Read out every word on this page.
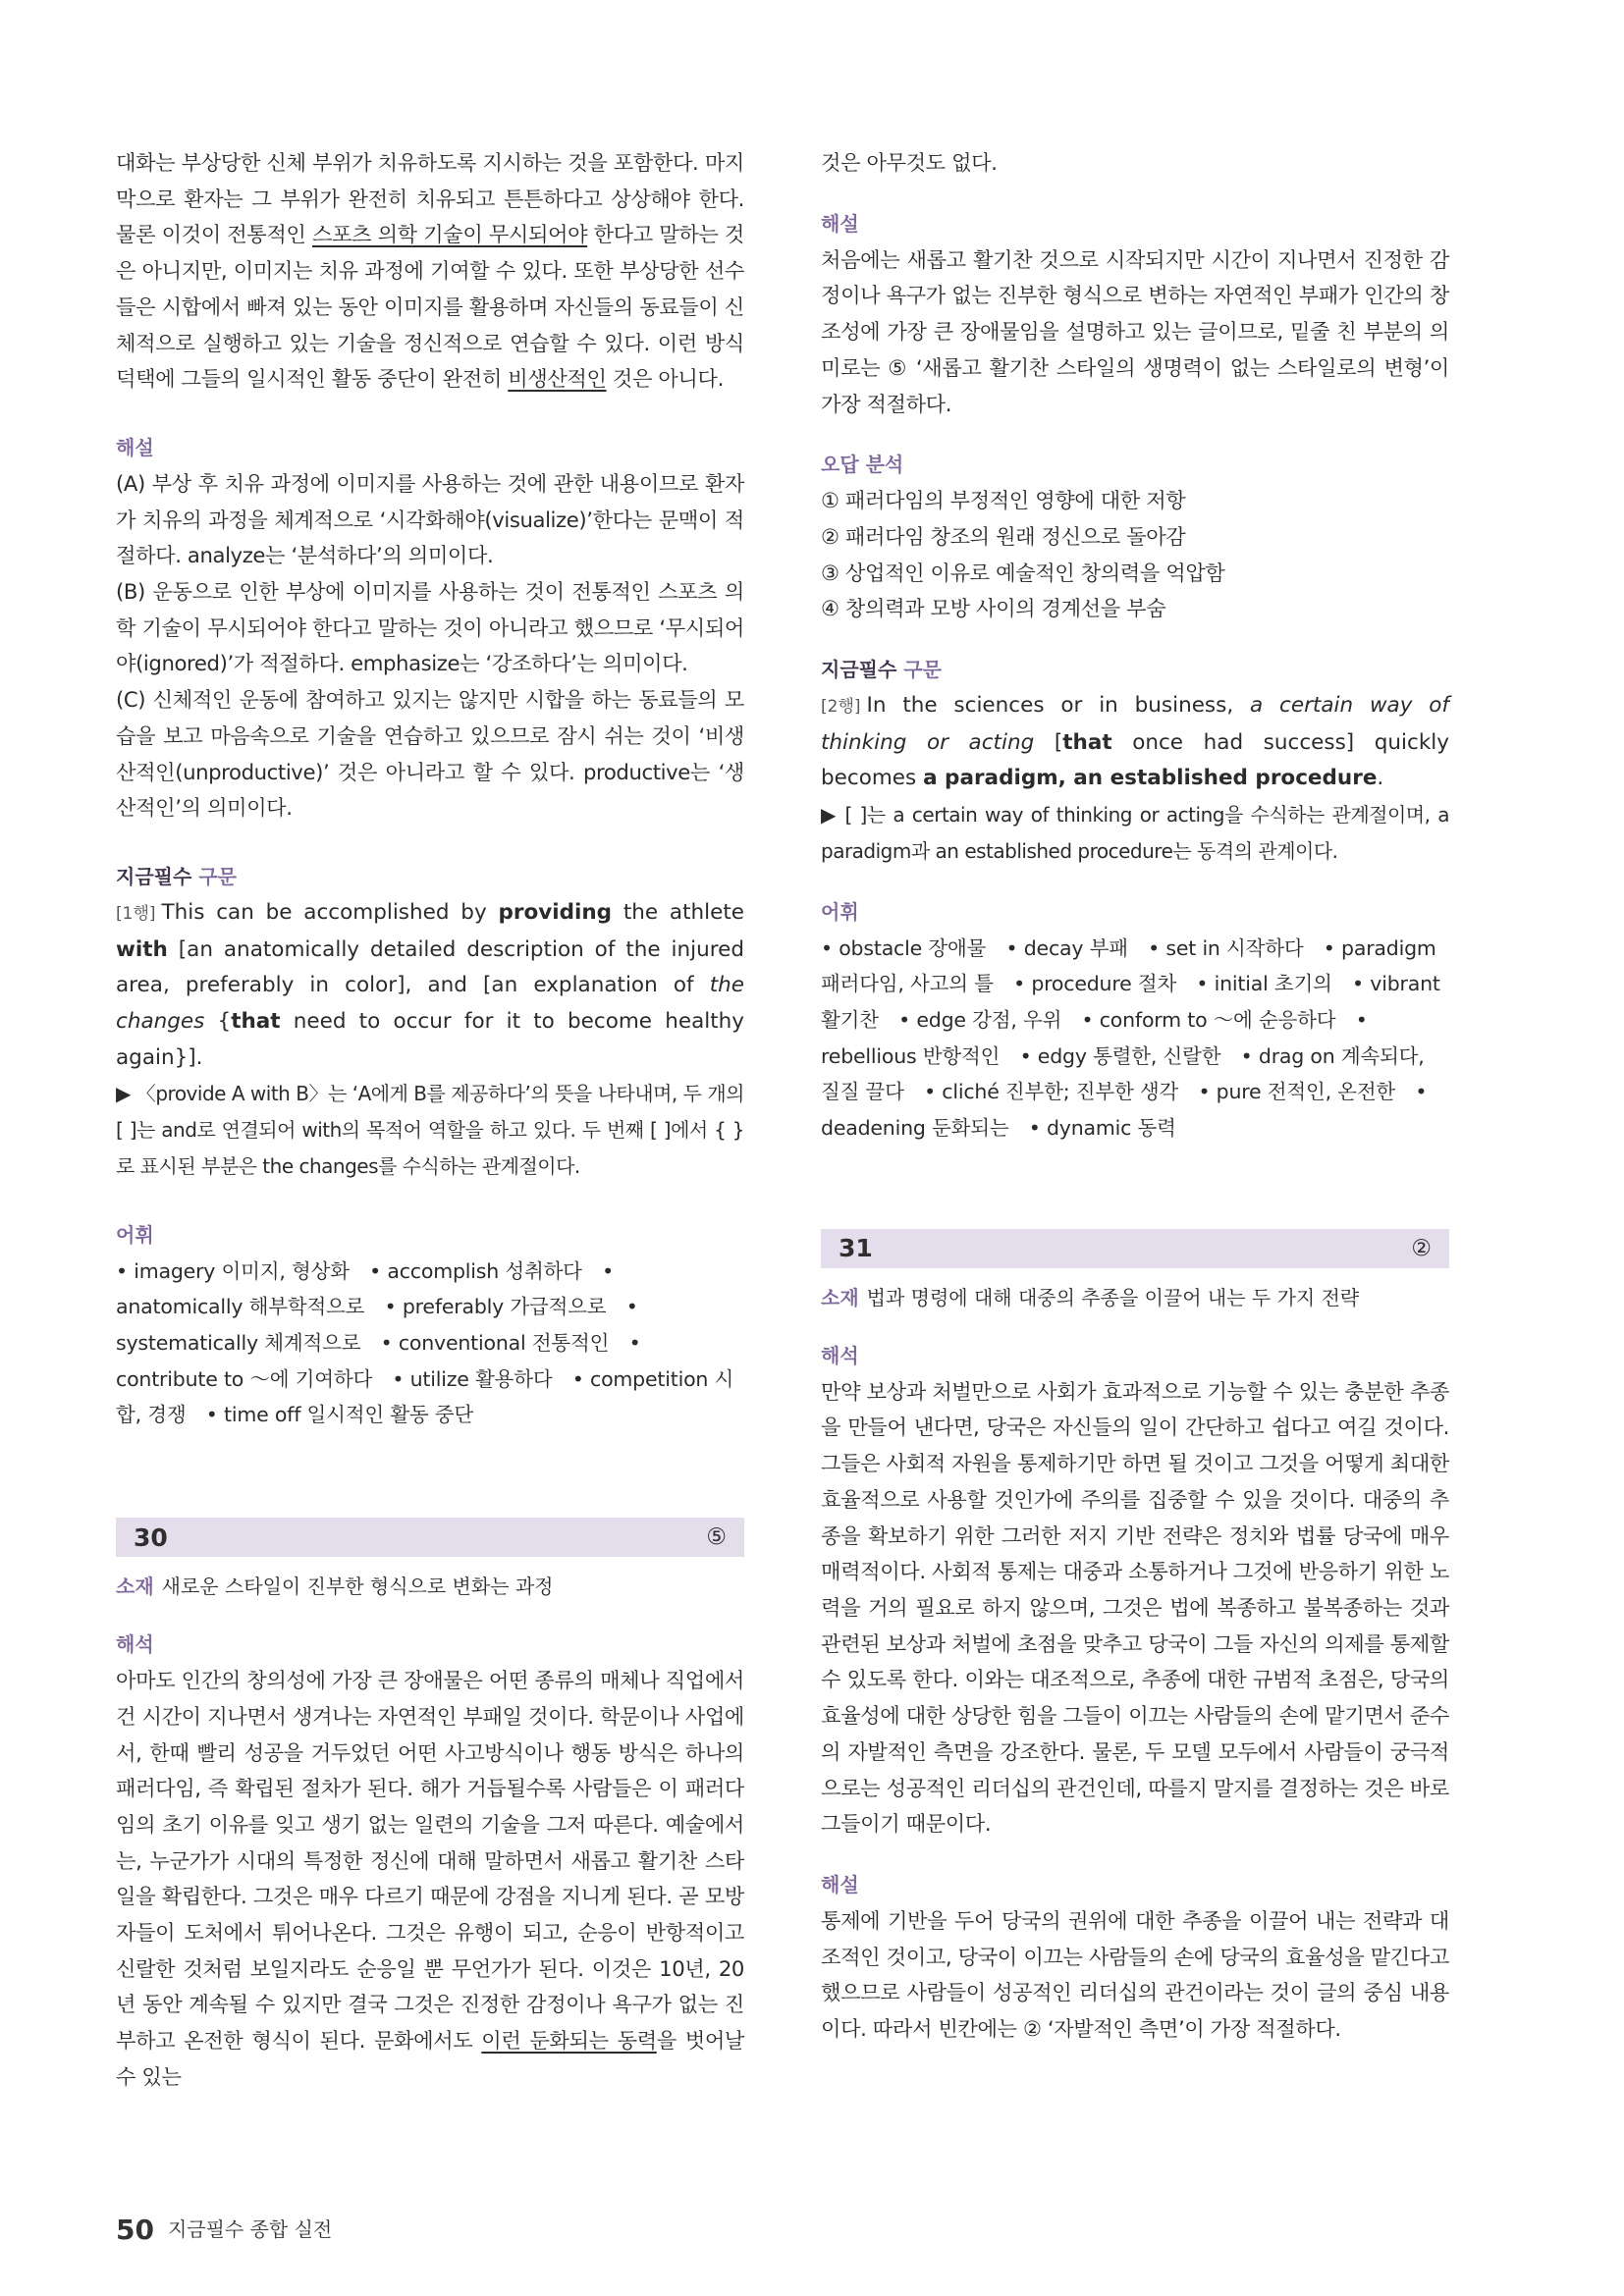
대화는 부상당한 신체 부위가 치유하도록 지시하는 것을 포함한다. 마지막으로 환자는 그 부위가 완전히 치유되고 튼튼하다고 상상해야 한다. 물론 이것이 전통적인 스포츠 의학 기술이 무시되어야 한다고 말하는 것은 아니지만, 이미지는 치유 과정에 기여할 수 있다. 또한 부상당한 선수들은 시합에서 빠져 있는 동안 이미지를 활용하며 자신들의 동료들이 신체적으로 실행하고 있는 기술을 정신적으로 연습할 수 있다. 이런 방식 덕택에 그들의 일시적인 활동 중단이 완전히 비생산적인 것은 아니다.

해설

(A) 부상 후 치유 과정에 이미지를 사용하는 것에 관한 내용이므로 환자가 치유의 과정을 체계적으로 ‘시각화해야(visualize)’한다는 문맥이 적절하다. analyze는 ‘분석하다’의 의미이다.

(B) 운동으로 인한 부상에 이미지를 사용하는 것이 전통적인 스포츠 의학 기술이 무시되어야 한다고 말하는 것이 아니라고 했으므로 ‘무시되어야(ignored)’가 적절하다. emphasize는 ‘강조하다’는 의미이다.

(C) 신체적인 운동에 참여하고 있지는 않지만 시합을 하는 동료들의 모습을 보고 마음속으로 기술을 연습하고 있으므로 잠시 쉬는 것이 ‘비생산적인(unproductive)’ 것은 아니라고 할 수 있다. productive는 ‘생산적인’의 의미이다.

지금필수 구문

[1행] This can be accomplished by providing the athlete with [an anatomically detailed description of the injured area, preferably in color], and [an explanation of the changes {that need to occur for it to become healthy again}].

▶ 〈provide A with B〉는 ‘A에게 B를 제공하다’의 뜻을 나타내며, 두 개의 [ ]는 and로 연결되어 with의 목적어 역할을 하고 있다. 두 번째 [ ]에서 { }로 표시된 부분은 the changes를 수식하는 관계절이다.

어휘

• imagery 이미지, 형상화 • accomplish 성취하다 • anatomically 해부학적으로 • preferably 가급적으로 • systematically 체계적으로 • conventional 전통적인 • contribute to ～에 기여하다 • utilize 활용하다 • competition 시합, 경쟁 • time off 일시적인 활동 중단

30	⑤
소재 새로운 스타일이 진부한 형식으로 변화는 과정
해석

아마도 인간의 창의성에 가장 큰 장애물은 어떤 종류의 매체나 직업에서건 시간이 지나면서 생겨나는 자연적인 부패일 것이다. 학문이나 사업에서, 한때 빨리 성공을 거두었던 어떤 사고방식이나 행동 방식은 하나의 패러다임, 즉 확립된 절차가 된다. 해가 거듭될수록 사람들은 이 패러다임의 초기 이유를 잊고 생기 없는 일련의 기술을 그저 따른다. 예술에서는, 누군가가 시대의 특정한 정신에 대해 말하면서 새롭고 활기찬 스타일을 확립한다. 그것은 매우 다르기 때문에 강점을 지니게 된다. 곧 모방자들이 도처에서 튀어나온다. 그것은 유행이 되고, 순응이 반항적이고 신랄한 것처럼 보일지라도 순응일 뿐 무언가가 된다. 이것은 10년, 20년 동안 계속될 수 있지만 결국 그것은 진정한 감정이나 욕구가 없는 진부하고 온전한 형식이 된다. 문화에서도 이런 둔화되는 동력을 벗어날 수 있는

것은 아무것도 없다.

해설

처음에는 새롭고 활기찬 것으로 시작되지만 시간이 지나면서 진정한 감정이나 욕구가 없는 진부한 형식으로 변하는 자연적인 부패가 인간의 창조성에 가장 큰 장애물임을 설명하고 있는 글이므로, 밑줄 친 부분의 의미로는 ⑤ ‘새롭고 활기찬 스타일의 생명력이 없는 스타일로의 변형’이 가장 적절하다.

오답 분석

① 패러다임의 부정적인 영향에 대한 저항

② 패러다임 창조의 원래 정신으로 돌아감

③ 상업적인 이유로 예술적인 창의력을 억압함

④ 창의력과 모방 사이의 경계선을 부숨

지금필수 구문

[2행] In the sciences or in business, a certain way of thinking or acting [that once had success] quickly becomes a paradigm, an established procedure.

▶ [ ]는 a certain way of thinking or acting을 수식하는 관계절이며, a paradigm과 an established procedure는 동격의 관계이다.

어휘

• obstacle 장애물 • decay 부패 • set in 시작하다 • paradigm 패러다임, 사고의 틀 • procedure 절차 • initial 초기의 • vibrant 활기찬 • edge 강점, 우위 • conform to ～에 순응하다 • rebellious 반항적인 • edgy 통렬한, 신랄한 • drag on 계속되다, 질질 끌다 • cliché 진부한; 진부한 생각 • pure 전적인, 온전한 • deadening 둔화되는 • dynamic 동력

31	②
소재 법과 명령에 대해 대중의 추종을 이끌어 내는 두 가지 전략
해석

만약 보상과 처벌만으로 사회가 효과적으로 기능할 수 있는 충분한 추종을 만들어 낸다면, 당국은 자신들의 일이 간단하고 쉽다고 여길 것이다. 그들은 사회적 자원을 통제하기만 하면 될 것이고 그것을 어떻게 최대한 효율적으로 사용할 것인가에 주의를 집중할 수 있을 것이다. 대중의 추종을 확보하기 위한 그러한 저지 기반 전략은 정치와 법률 당국에 매우 매력적이다. 사회적 통제는 대중과 소통하거나 그것에 반응하기 위한 노력을 거의 필요로 하지 않으며, 그것은 법에 복종하고 불복종하는 것과 관련된 보상과 처벌에 초점을 맞추고 당국이 그들 자신의 의제를 통제할 수 있도록 한다. 이와는 대조적으로, 추종에 대한 규범적 초점은, 당국의 효율성에 대한 상당한 힘을 그들이 이끄는 사람들의 손에 맡기면서 준수의 자발적인 측면을 강조한다. 물론, 두 모델 모두에서 사람들이 궁극적으로는 성공적인 리더십의 관건인데, 따를지 말지를 결정하는 것은 바로 그들이기 때문이다.

해설

통제에 기반을 두어 당국의 권위에 대한 추종을 이끌어 내는 전략과 대조적인 것이고, 당국이 이끄는 사람들의 손에 당국의 효율성을 맡긴다고 했으므로 사람들이 성공적인 리더십의 관건이라는 것이 글의 중심 내용이다. 따라서 빈칸에는 ② ‘자발적인 측면’이 가장 적절하다.

50 지금필수 종합 실전
